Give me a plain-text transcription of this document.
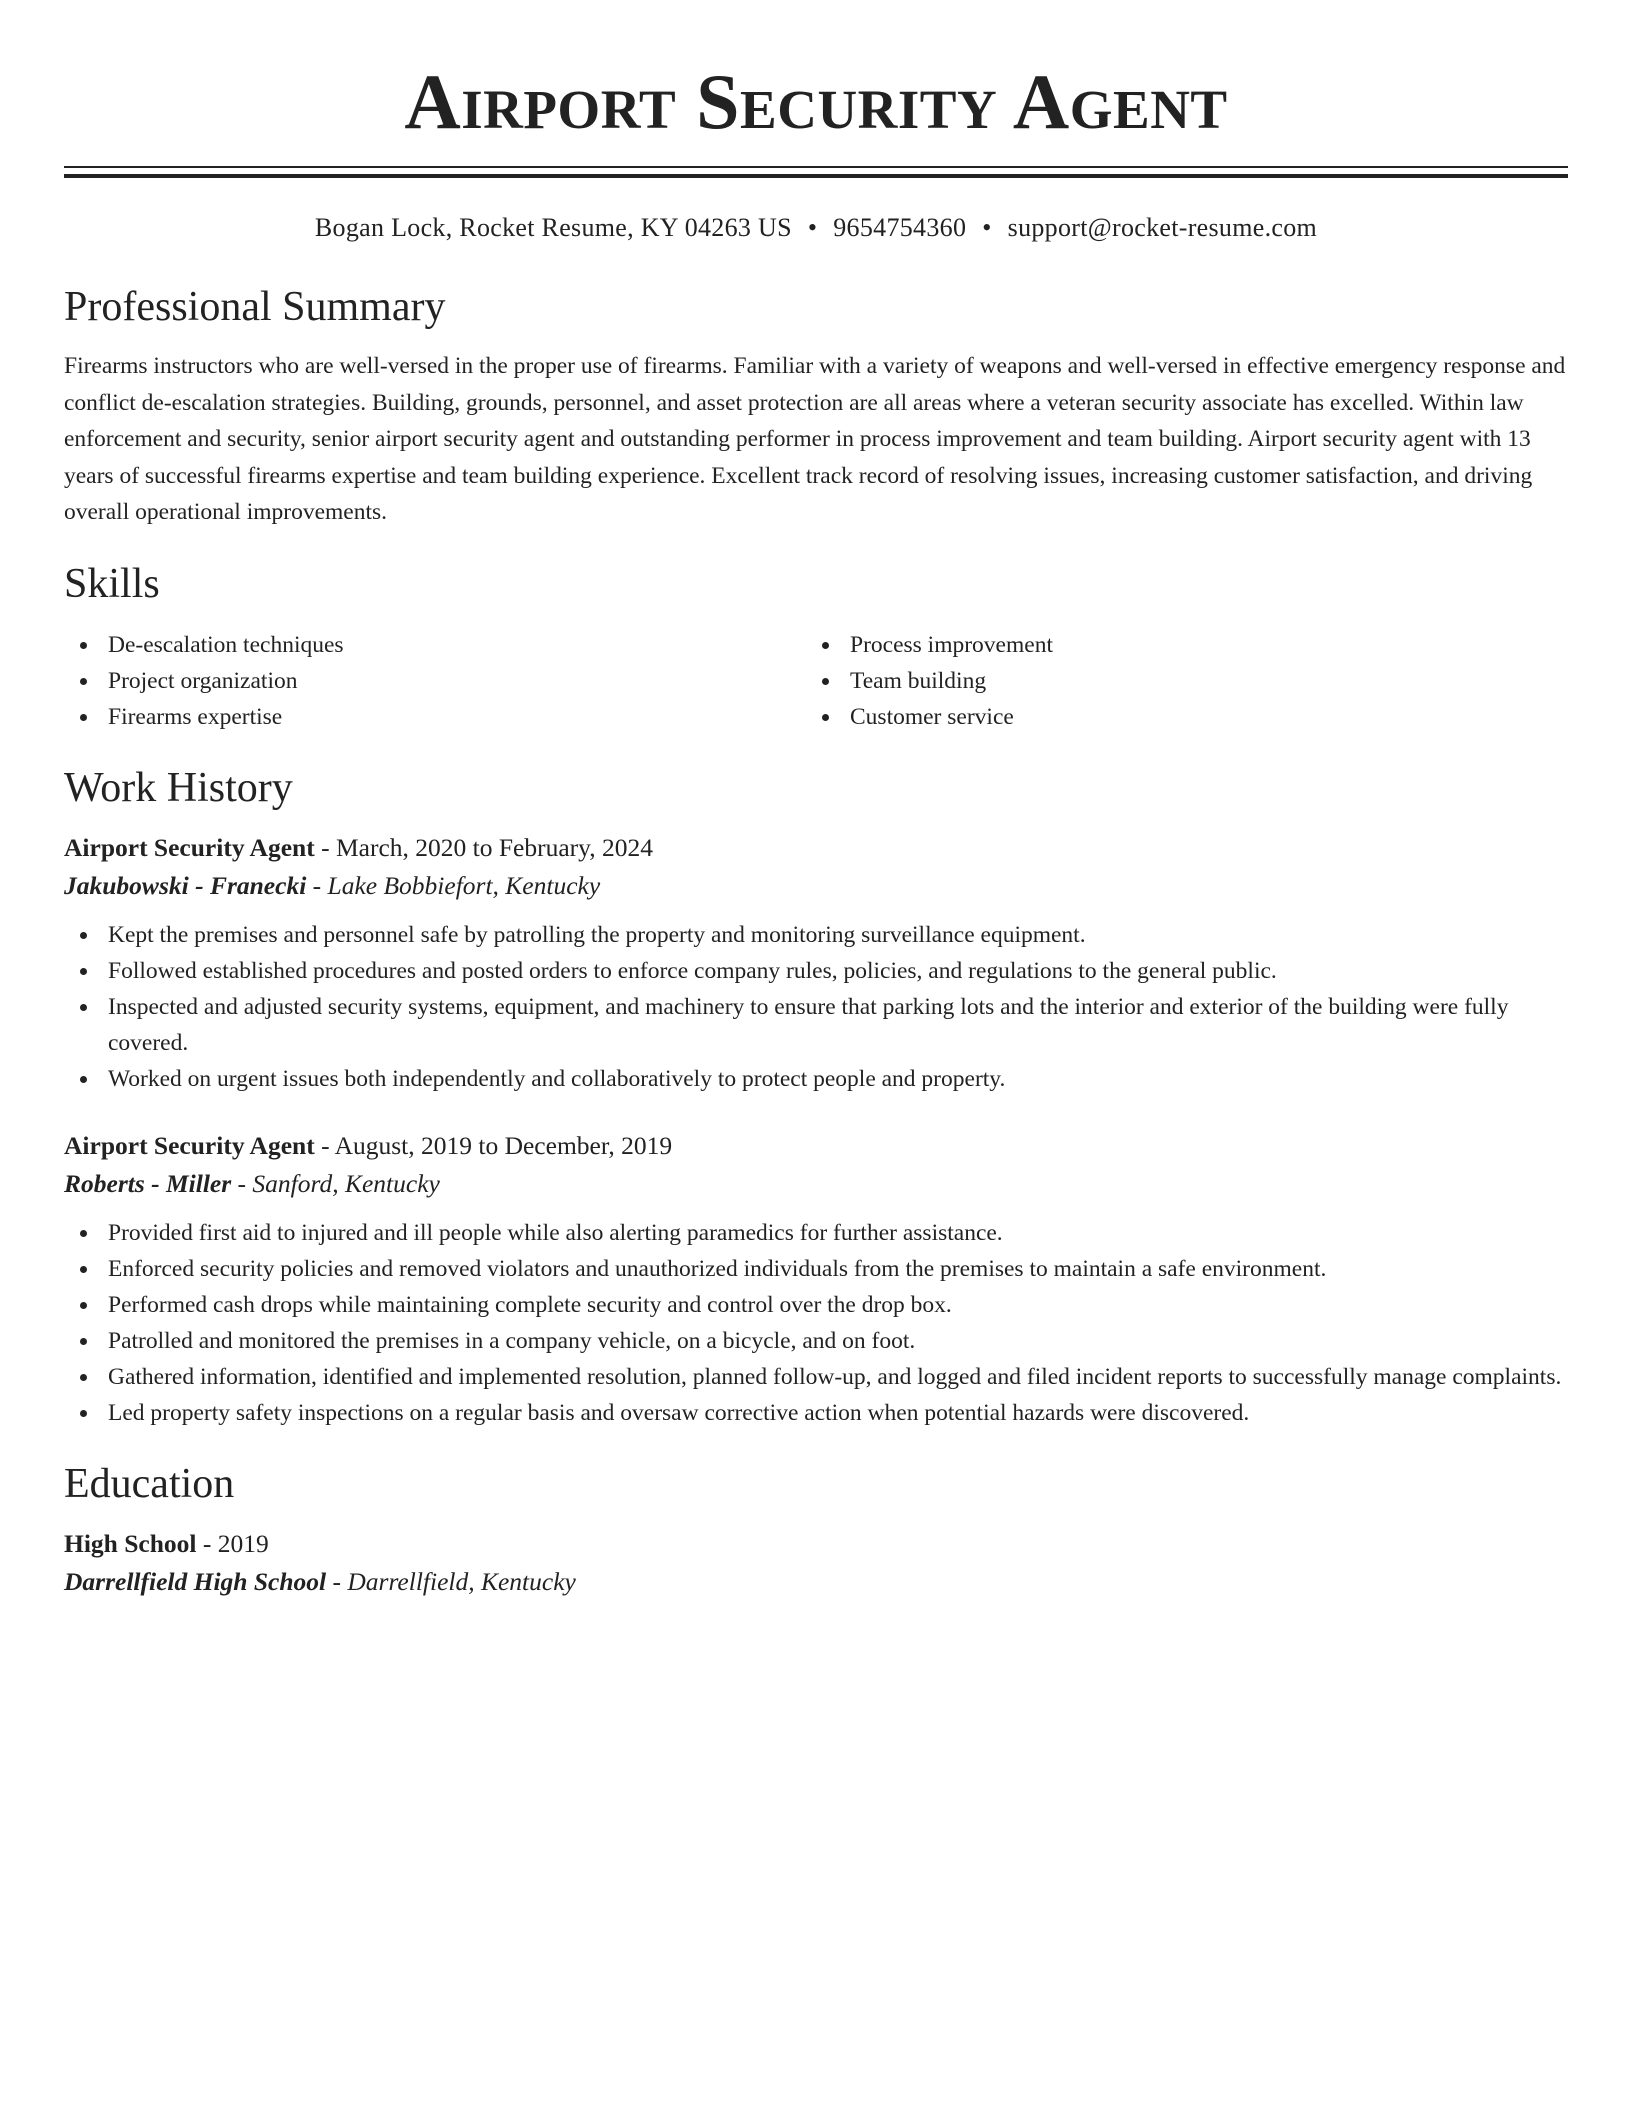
Airport Security Agent
Bogan Lock, Rocket Resume, KY 04263 US • 9654754360 • support@rocket-resume.com
Professional Summary
Firearms instructors who are well-versed in the proper use of firearms. Familiar with a variety of weapons and well-versed in effective emergency response and conflict de-escalation strategies. Building, grounds, personnel, and asset protection are all areas where a veteran security associate has excelled. Within law enforcement and security, senior airport security agent and outstanding performer in process improvement and team building. Airport security agent with 13 years of successful firearms expertise and team building experience. Excellent track record of resolving issues, increasing customer satisfaction, and driving overall operational improvements.
Skills
De-escalation techniques
Project organization
Firearms expertise
Process improvement
Team building
Customer service
Work History
Airport Security Agent - March, 2020 to February, 2024
Jakubowski - Franecki - Lake Bobbiefort, Kentucky
Kept the premises and personnel safe by patrolling the property and monitoring surveillance equipment.
Followed established procedures and posted orders to enforce company rules, policies, and regulations to the general public.
Inspected and adjusted security systems, equipment, and machinery to ensure that parking lots and the interior and exterior of the building were fully covered.
Worked on urgent issues both independently and collaboratively to protect people and property.
Airport Security Agent - August, 2019 to December, 2019
Roberts - Miller - Sanford, Kentucky
Provided first aid to injured and ill people while also alerting paramedics for further assistance.
Enforced security policies and removed violators and unauthorized individuals from the premises to maintain a safe environment.
Performed cash drops while maintaining complete security and control over the drop box.
Patrolled and monitored the premises in a company vehicle, on a bicycle, and on foot.
Gathered information, identified and implemented resolution, planned follow-up, and logged and filed incident reports to successfully manage complaints.
Led property safety inspections on a regular basis and oversaw corrective action when potential hazards were discovered.
Education
High School - 2019
Darrellfield High School - Darrellfield, Kentucky
